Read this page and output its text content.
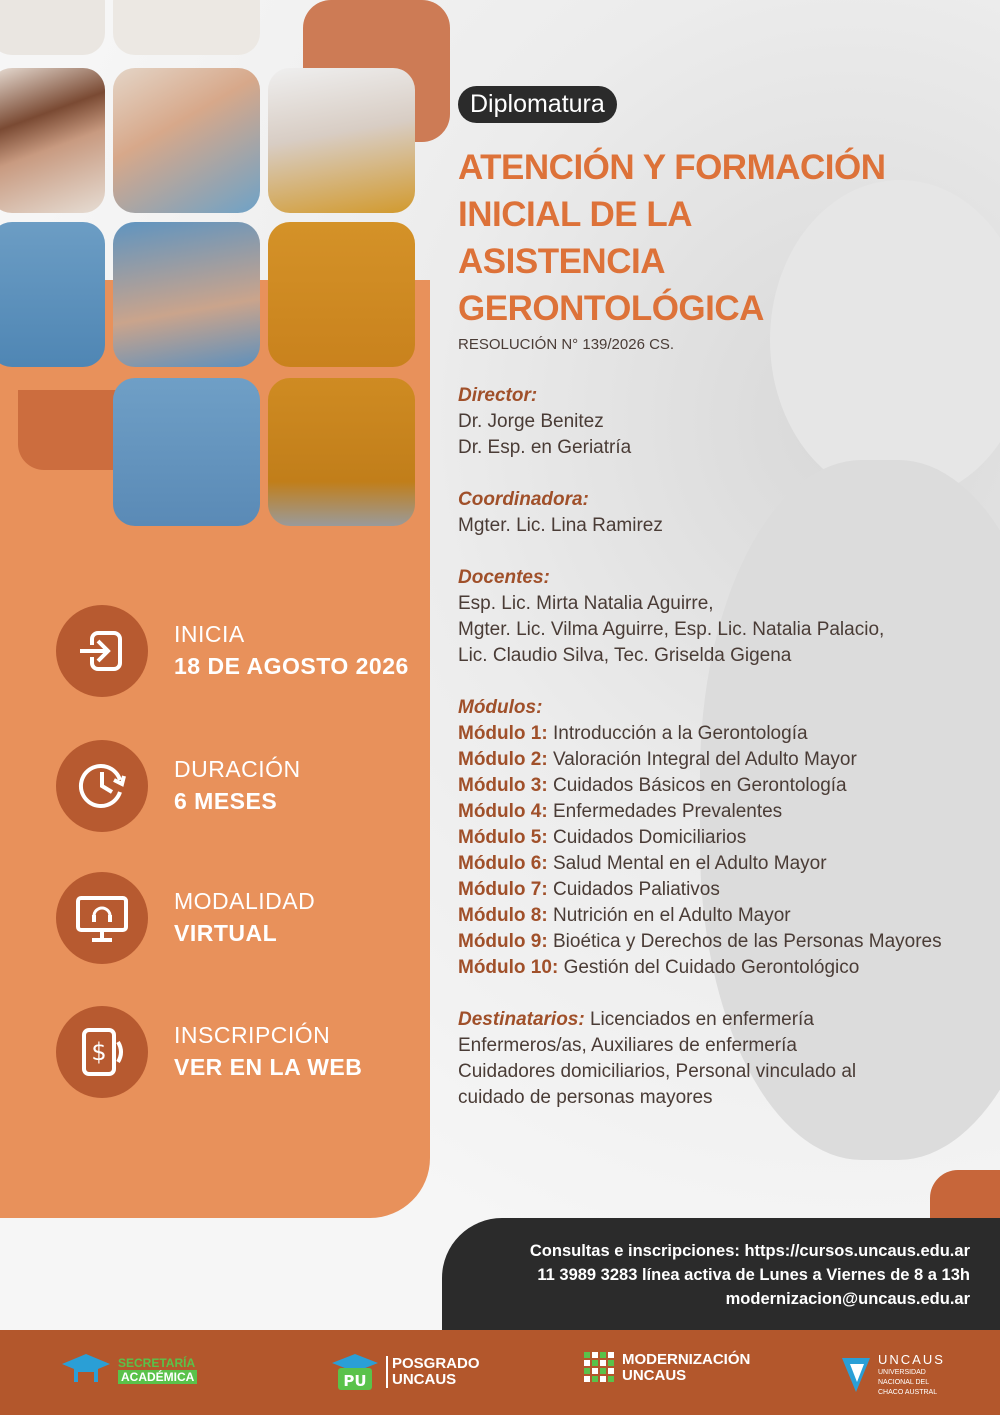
INICIA
18 DE AGOSTO 2026
DURACIÓN
6 MESES
MODALIDAD
VIRTUAL
$
INSCRIPCIÓN
VER EN LA WEB
Diplomatura
ATENCIÓN Y FORMACIÓN
INICIAL DE LA
ASISTENCIA
GERONTOLÓGICA
RESOLUCIÓN N° 139/2026 CS.
Director:
Dr. Jorge Benitez
Dr. Esp. en Geriatría
Coordinadora:
Mgter. Lic. Lina Ramirez
Docentes:
Esp. Lic. Mirta Natalia Aguirre,
Mgter. Lic. Vilma Aguirre, Esp. Lic. Natalia Palacio,
Lic. Claudio Silva, Tec. Griselda Gigena
Módulos:
Módulo 1: Introducción a la Gerontología
Módulo 2: Valoración Integral del Adulto Mayor
Módulo 3: Cuidados Básicos en Gerontología
Módulo 4: Enfermedades Prevalentes
Módulo 5: Cuidados Domiciliarios
Módulo 6: Salud Mental en el Adulto Mayor
Módulo 7: Cuidados Paliativos
Módulo 8: Nutrición en el Adulto Mayor
Módulo 9: Bioética y Derechos de las Personas Mayores
Módulo 10: Gestión del Cuidado Gerontológico
Destinatarios: Licenciados en enfermería
Enfermeros/as, Auxiliares de enfermería
Cuidadores domiciliarios, Personal vinculado al
cuidado de personas mayores
Consultas e inscripciones: https://cursos.uncaus.edu.ar
11 3989 3283 línea activa de Lunes a Viernes de 8 a 13h
modernizacion@uncaus.edu.ar
SECRETARÍA
ACADÉMICA	PU
POSGRADO
UNCAUS
MODERNIZACIÓN
UNCAUS
UNCAUS
UNIVERSIDAD
NACIONAL DEL
CHACO AUSTRAL
